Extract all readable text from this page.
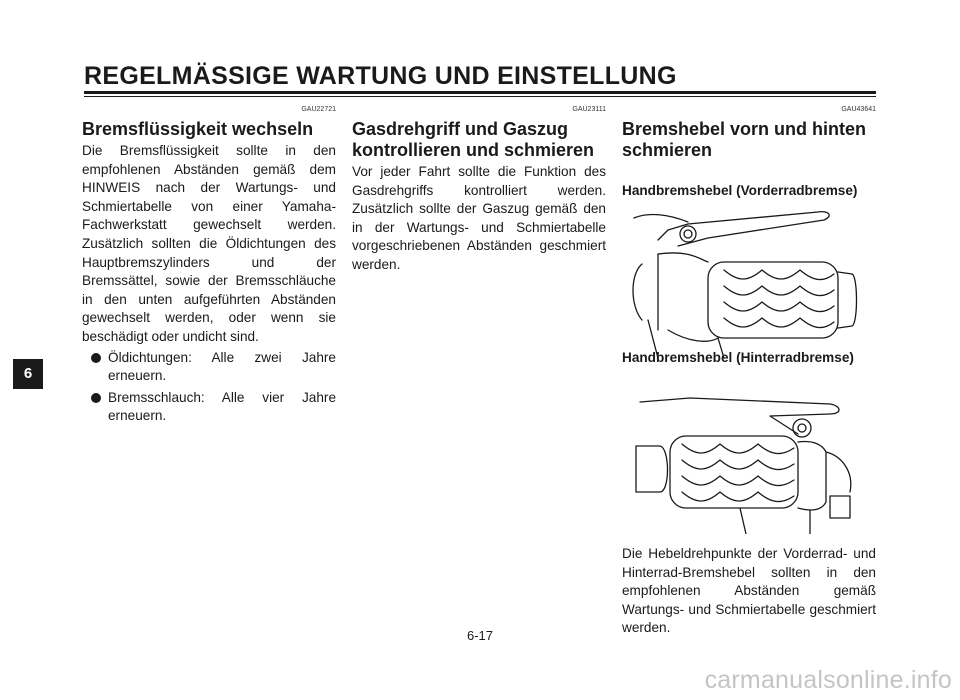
REGELMÄSSIGE WARTUNG UND EINSTELLUNG
GAU22721
Bremsflüssigkeit wechseln
Die Bremsflüssigkeit sollte in den empfohlenen Abständen gemäß dem HINWEIS nach der Wartungs- und Schmiertabelle von einer Yamaha-Fachwerkstatt gewechselt werden. Zusätzlich sollten die Öldichtungen des Hauptbremszylinders und der Bremssättel, sowie der Bremsschläuche in den unten aufgeführten Abständen gewechselt werden, oder wenn sie beschädigt oder undicht sind.
Öldichtungen: Alle zwei Jahre erneuern.
Bremsschlauch: Alle vier Jahre erneuern.
GAU23111
Gasdrehgriff und Gaszug kontrollieren und schmieren
Vor jeder Fahrt sollte die Funktion des Gasdrehgriffs kontrolliert werden. Zusätzlich sollte der Gaszug gemäß den in der Wartungs- und Schmiertabelle vorgeschriebenen Abständen geschmiert werden.
GAU43641
Bremshebel vorn und hinten schmieren
Handbremshebel (Vorderradbremse)
Handbremshebel (Hinterradbremse)
Die Hebeldrehpunkte der Vorderrad- und Hinterrad-Bremshebel sollten in den empfohlenen Abständen gemäß Wartungs- und Schmiertabelle geschmiert werden.
6
6-17
carmanualsonline.info
